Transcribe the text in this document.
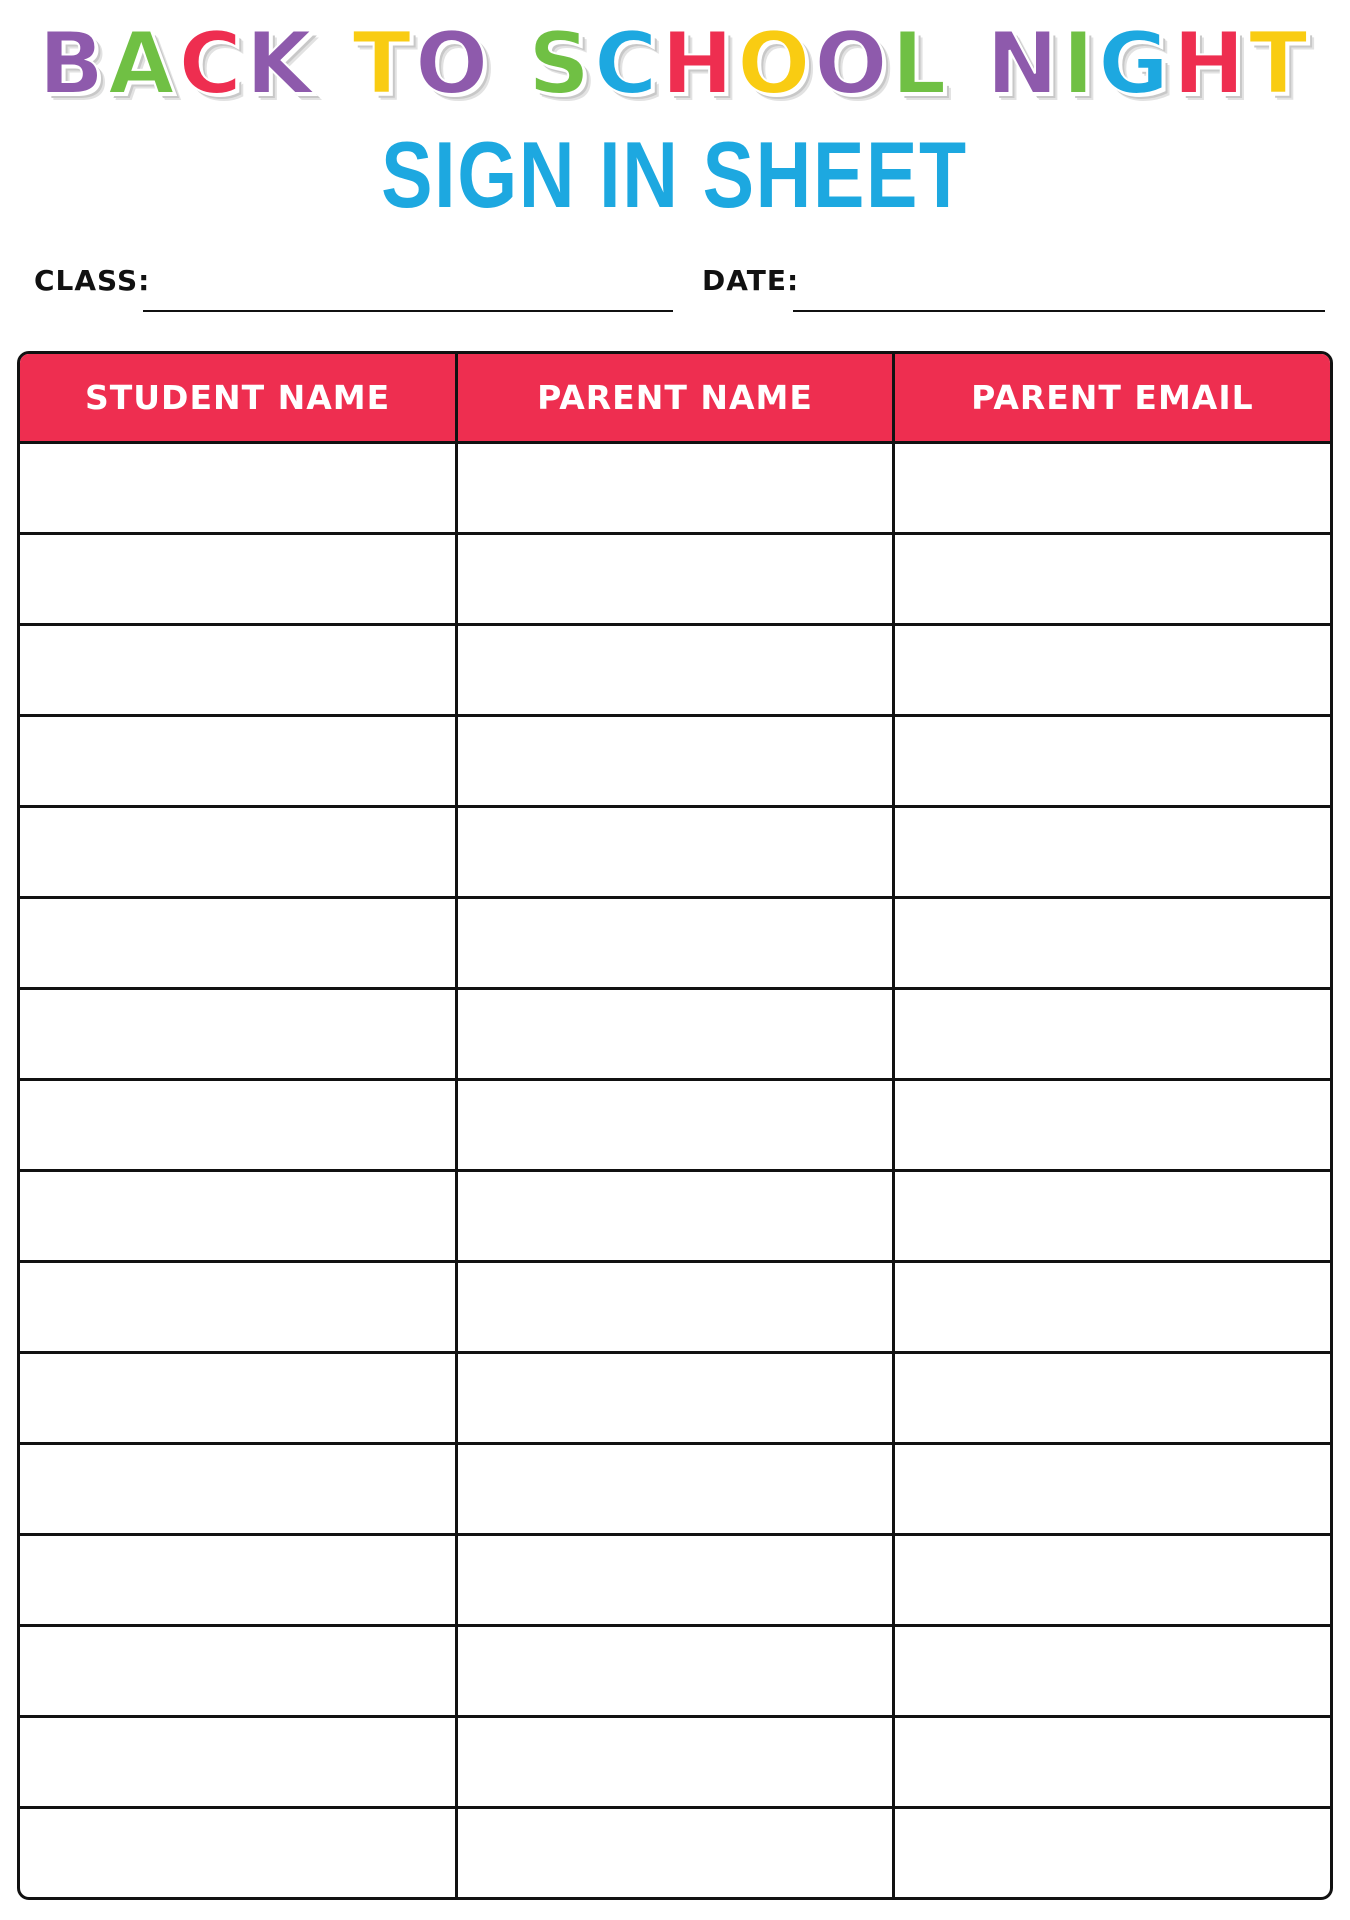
BACK TO SCHOOL NIGHT
SIGN IN SHEET
CLASS:	DATE:
STUDENT NAME	PARENT NAME	PARENT EMAIL
